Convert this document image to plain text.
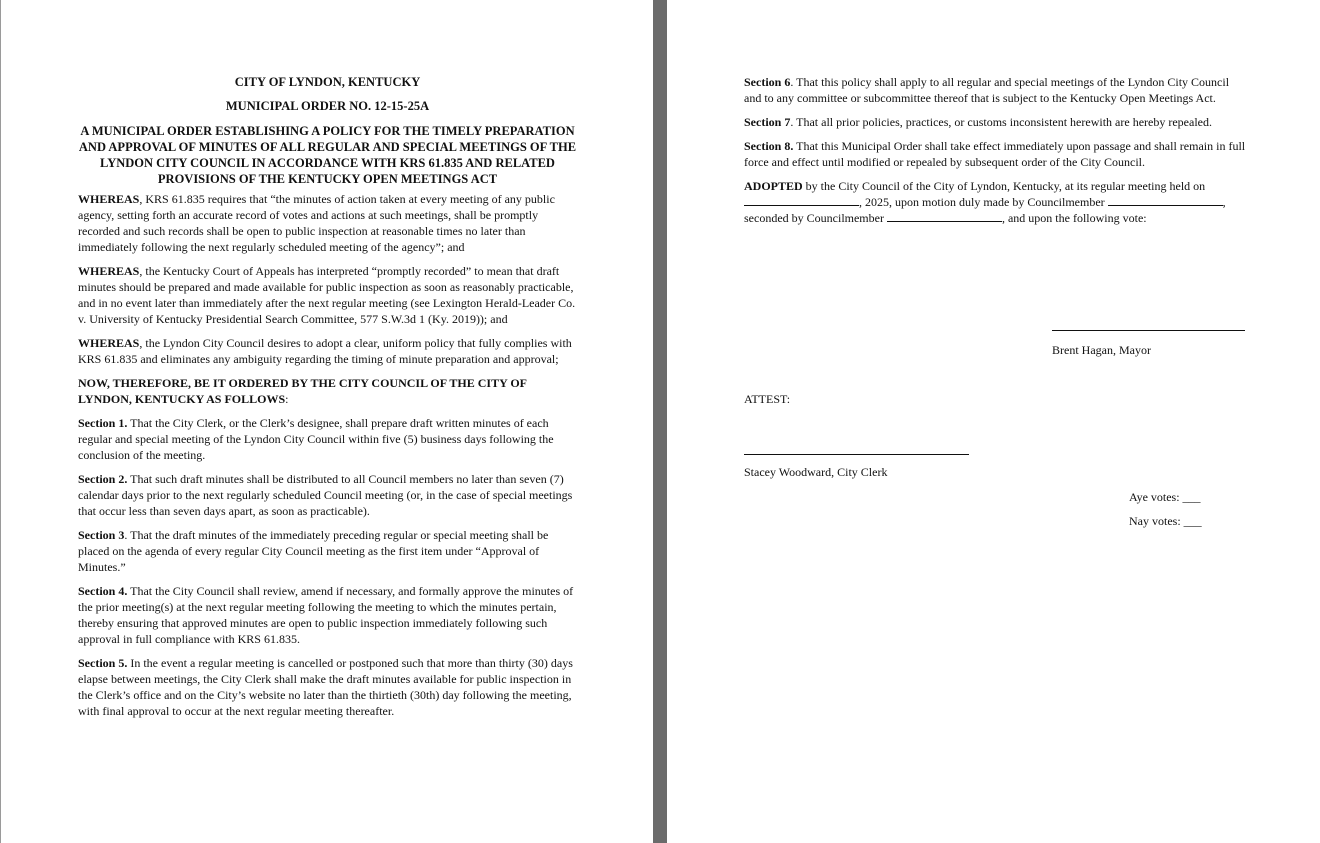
CITY OF LYNDON, KENTUCKY
MUNICIPAL ORDER NO. 12-15-25A
A MUNICIPAL ORDER ESTABLISHING A POLICY FOR THE TIMELY PREPARATION AND APPROVAL OF MINUTES OF ALL REGULAR AND SPECIAL MEETINGS OF THE LYNDON CITY COUNCIL IN ACCORDANCE WITH KRS 61.835 AND RELATED PROVISIONS OF THE KENTUCKY OPEN MEETINGS ACT

WHEREAS, KRS 61.835 requires that “the minutes of action taken at every meeting of any public agency, setting forth an accurate record of votes and actions at such meetings, shall be promptly recorded and such records shall be open to public inspection at reasonable times no later than immediately following the next regularly scheduled meeting of the agency”; and

WHEREAS, the Kentucky Court of Appeals has interpreted “promptly recorded” to mean that draft minutes should be prepared and made available for public inspection as soon as reasonably practicable, and in no event later than immediately after the next regular meeting (see Lexington Herald-Leader Co. v. University of Kentucky Presidential Search Committee, 577 S.W.3d 1 (Ky. 2019)); and

WHEREAS, the Lyndon City Council desires to adopt a clear, uniform policy that fully complies with KRS 61.835 and eliminates any ambiguity regarding the timing of minute preparation and approval;

NOW, THEREFORE, BE IT ORDERED BY THE CITY COUNCIL OF THE CITY OF LYNDON, KENTUCKY AS FOLLOWS:

Section 1. That the City Clerk, or the Clerk’s designee, shall prepare draft written minutes of each regular and special meeting of the Lyndon City Council within five (5) business days following the conclusion of the meeting.

Section 2. That such draft minutes shall be distributed to all Council members no later than seven (7) calendar days prior to the next regularly scheduled Council meeting (or, in the case of special meetings that occur less than seven days apart, as soon as practicable).

Section 3. That the draft minutes of the immediately preceding regular or special meeting shall be placed on the agenda of every regular City Council meeting as the first item under “Approval of Minutes.”

Section 4. That the City Council shall review, amend if necessary, and formally approve the minutes of the prior meeting(s) at the next regular meeting following the meeting to which the minutes pertain, thereby ensuring that approved minutes are open to public inspection immediately following such approval in full compliance with KRS 61.835.

Section 5. In the event a regular meeting is cancelled or postponed such that more than thirty (30) days elapse between meetings, the City Clerk shall make the draft minutes available for public inspection in the Clerk’s office and on the City’s website no later than the thirtieth (30th) day following the meeting, with final approval to occur at the next regular meeting thereafter.

Section 6. That this policy shall apply to all regular and special meetings of the Lyndon City Council and to any committee or subcommittee thereof that is subject to the Kentucky Open Meetings Act.

Section 7. That all prior policies, practices, or customs inconsistent herewith are hereby repealed.

Section 8. That this Municipal Order shall take effect immediately upon passage and shall remain in full force and effect until modified or repealed by subsequent order of the City Council.

ADOPTED by the City Council of the City of Lyndon, Kentucky, at its regular meeting held on
, 2025, upon motion duly made by Councilmember	,
seconded by Councilmember	, and upon the following vote:

Brent Hagan, Mayor
ATTEST:
Stacey Woodward, City Clerk
Aye votes: ___
Nay votes: ___
